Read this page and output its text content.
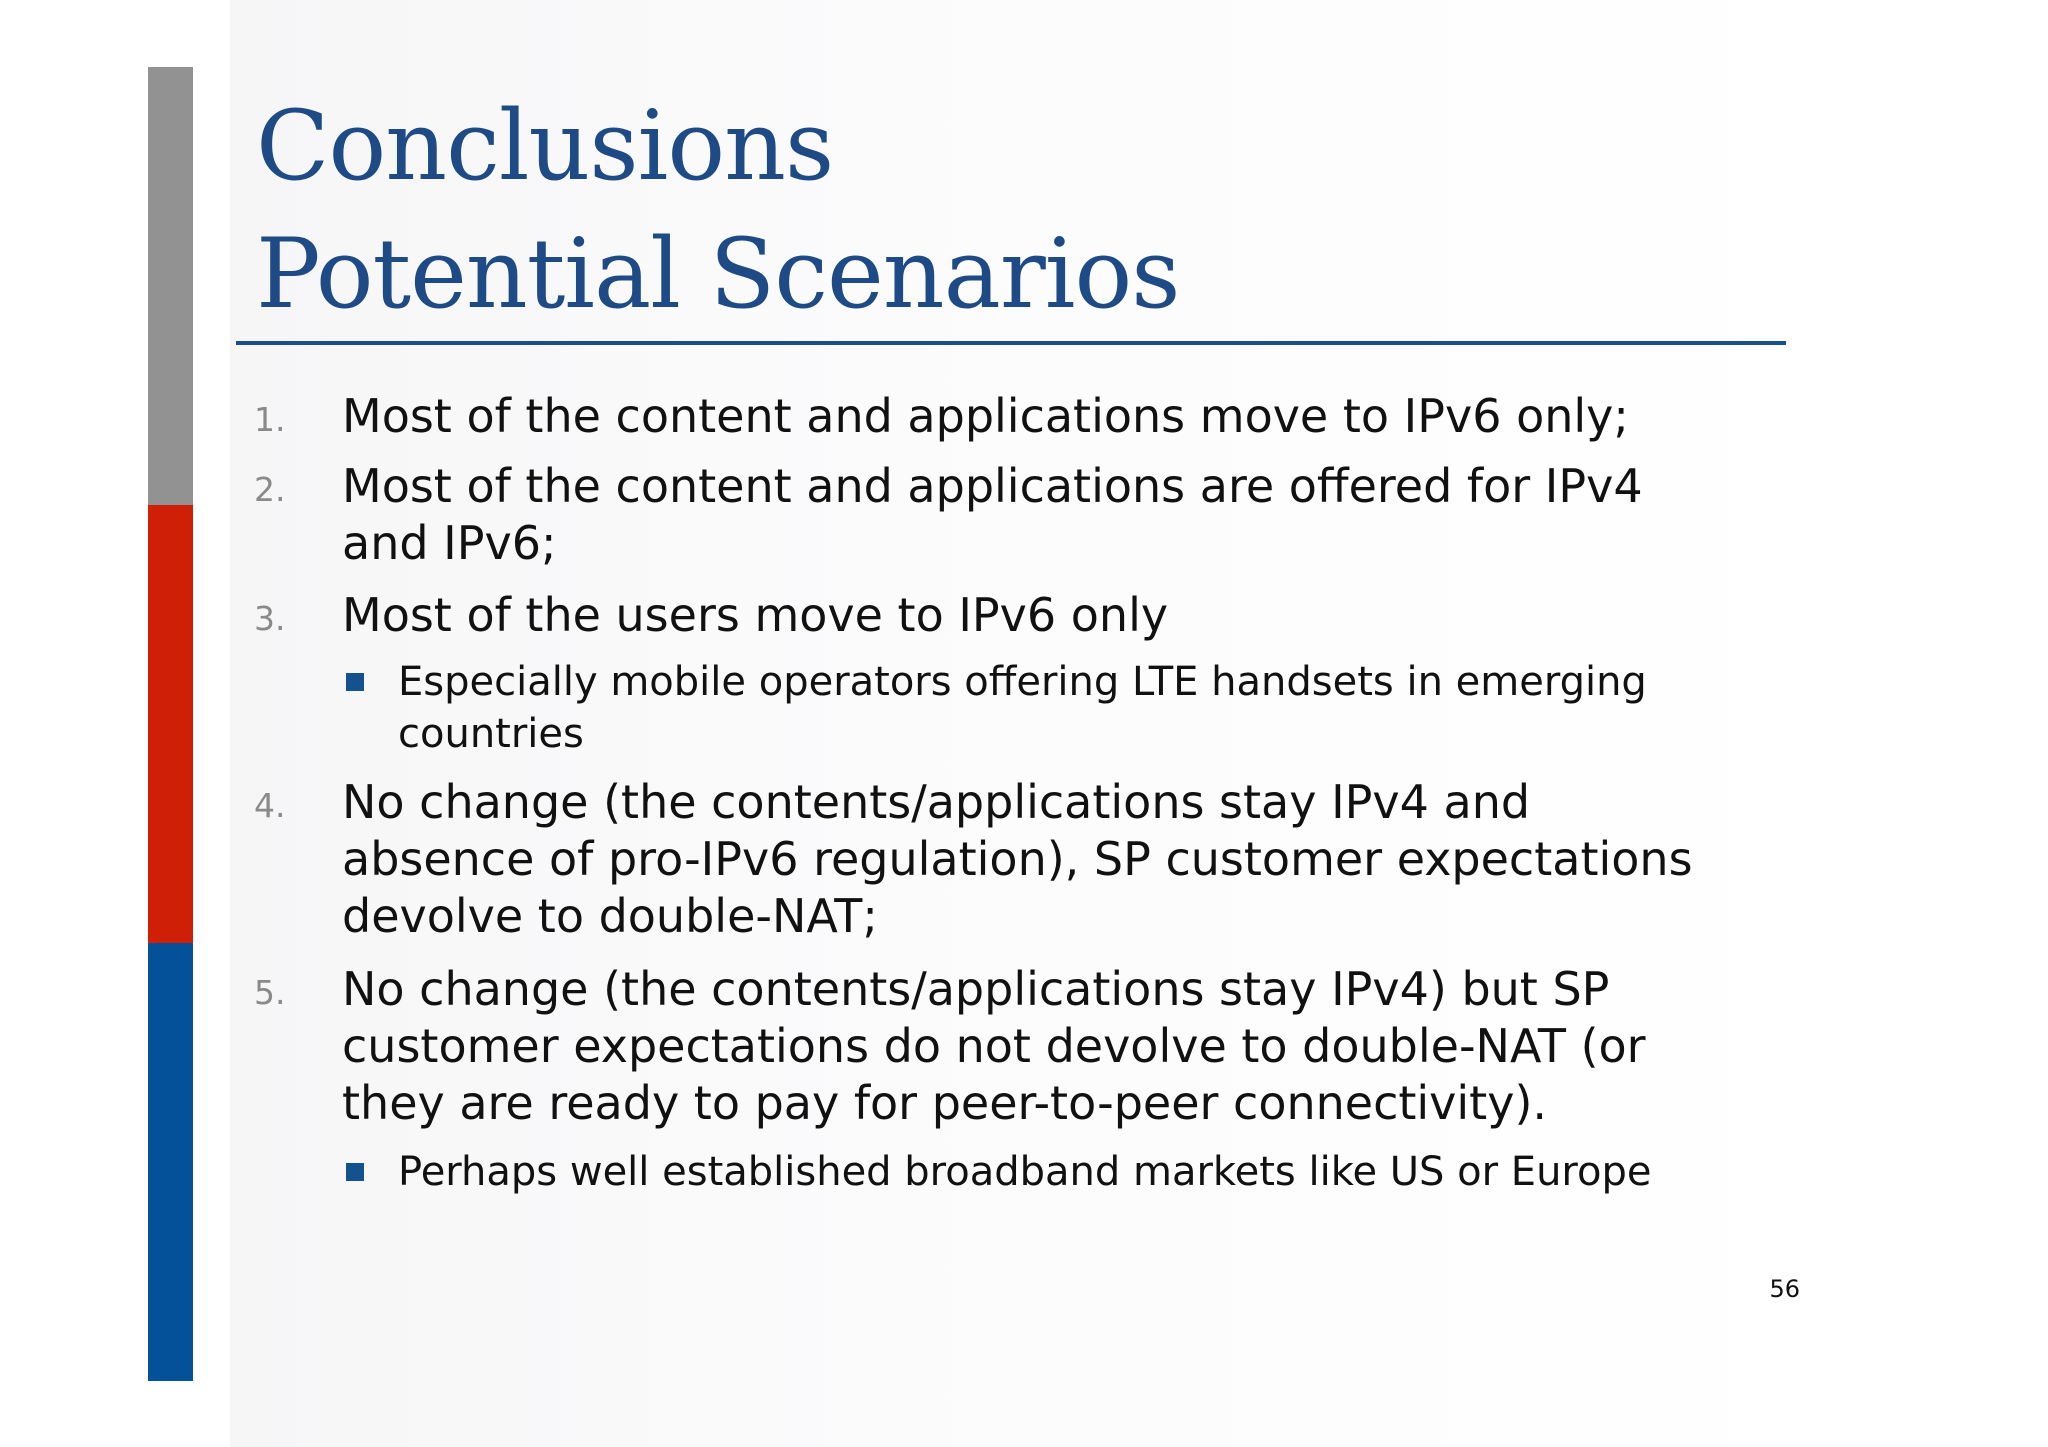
Conclusions
Potential Scenarios
1. Most of the content and applications move to IPv6 only;
2. Most of the content and applications are offered for IPv4
and IPv6;
3. Most of the users move to IPv6 only
Especially mobile operators offering LTE handsets in emerging
countries
4. No change (the contents/applications stay IPv4 and
absence of pro-IPv6 regulation), SP customer expectations
devolve to double-NAT;
5. No change (the contents/applications stay IPv4) but SP
customer expectations do not devolve to double-NAT (or
they are ready to pay for peer-to-peer connectivity).
Perhaps well established broadband markets like US or Europe
56
